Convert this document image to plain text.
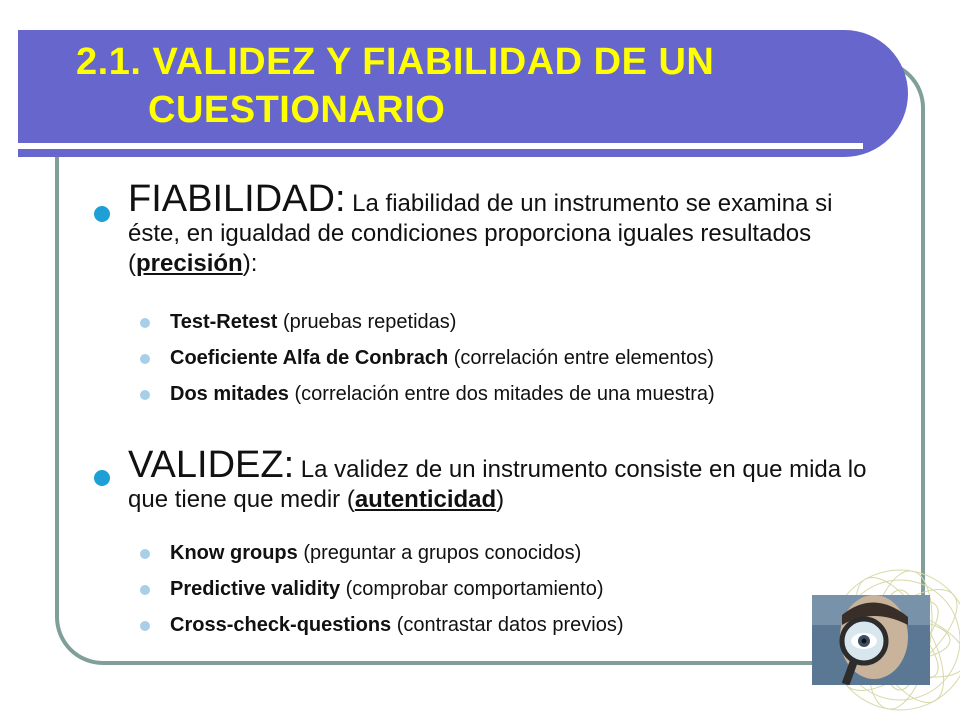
2.1. VALIDEZ Y FIABILIDAD DE UN
CUESTIONARIO

FIABILIDAD: La fiabilidad de un instrumento se examina si éste, en igualdad de condiciones proporciona iguales resultados (precisión):

Test-Retest (pruebas repetidas)

Coeficiente Alfa de Conbrach (correlación entre elementos)

Dos mitades (correlación entre dos mitades de una muestra)

VALIDEZ: La validez de un instrumento consiste en que mida lo que tiene que medir (autenticidad)

Know groups (preguntar a grupos conocidos)

Predictive validity (comprobar comportamiento)

Cross-check-questions (contrastar datos previos)
